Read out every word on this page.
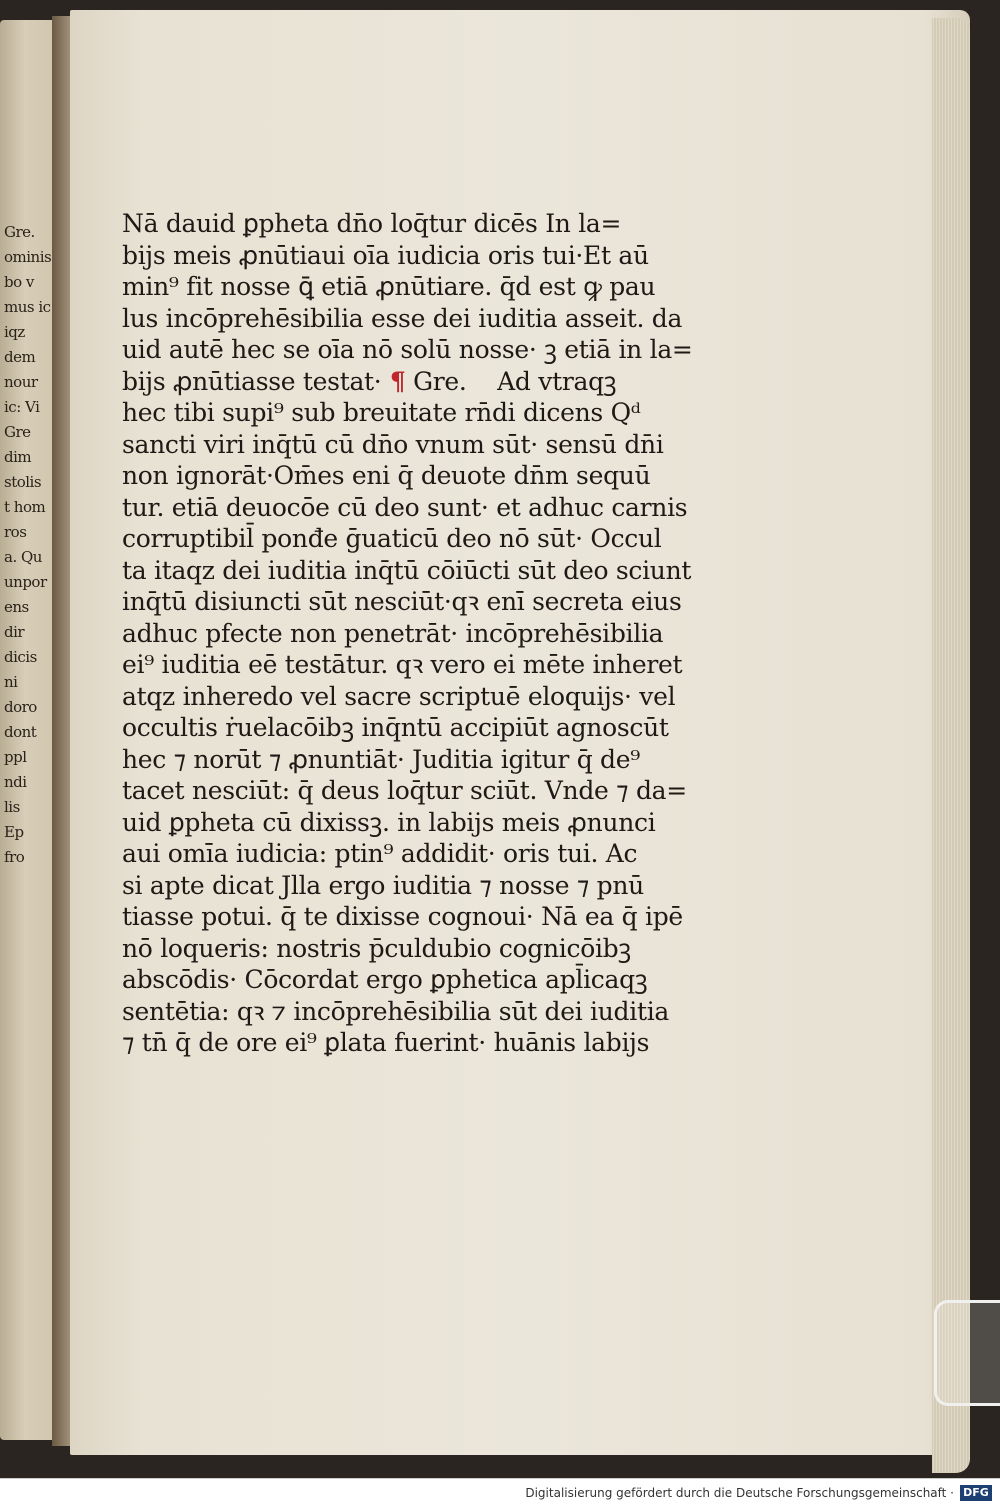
Gre.
ominis
bo v
mus ic
iqz
dem
nour
ic: Vi
Gre
dim
stolis
t hom
ros
a. Qu
unpor
ens
dir
dicis
ni
doro
dont
ppl
ndi
lis
Ep
fro
Nā dauid ꝑpheta dn̄o loq̄tur dicēs In la=
bijs meis ꝓnūtiaui oīa iudicia oris tui·Et aū
min⁹ fit nosse ꝗ̄ etiā ꝓnūtiare. q̄d est ꝙ pau
lus incōprehēsibilia esse dei iuditia asseit. da
uid autē hec se oīa nō solū nosse· ꝫ etiā in la=
bijs ꝓnūtiasse testat· ¶ Gre.    Ad vtraqꝫ
hec tibi supi⁹ sub breuitate rn̄di dicens Qᵈ
sancti viri inq̄tū cū dn̄o vnum sūt· sensū dn̄i
non ignorāt·Om̄es eni q̄ deuote dn̄m sequū
tur. etiā deuocōe cū deo sunt· et adhuc carnis
corruptibil̄ ponđe ḡuaticū deo nō sūt· Occul
ta itaqz dei iuditia inq̄tū cōiūcti sūt deo sciunt
inq̄tū disiuncti sūt nesciūt·qꝛ enī secreta eius
adhuc pfecte non penetrāt· incōprehēsibilia
ei⁹ iuditia eē testātur. qꝛ vero ei mēte inheret
atqz inheredo vel sacre scriptuē eloquijs· vel
occultis ṙuelacōibꝫ inq̄ntū accipiūt agnoscūt
hec ⁊ norūt ⁊ ꝓnuntiāt· Juditia igitur q̄ de⁹
tacet nesciūt: q̄ deus loq̄tur sciūt. Vnde ⁊ da=
uid ꝑpheta cū dixissꝫ. in labijs meis ꝓnunci
aui omīa iudicia: ptin⁹ addidit· oris tui. Ac
si apte dicat Jlla ergo iuditia ⁊ nosse ⁊ pnū
tiasse potui. q̄ te dixisse cognoui· Nā ea q̄ ipē
nō loqueris: nostris p̄culdubio cognicōibꝫ
abscōdis· Cōcordat ergo ꝑphetica apl̄icaqꝫ
sentētia: qꝛ ⁊ incōprehēsibilia sūt dei iuditia
⁊ tn̄ q̄ de ore ei⁹ ꝑlata fuerint· huānis labijs
Digitalisierung gefördert durch die Deutsche Forschungsgemeinschaft · DFG
